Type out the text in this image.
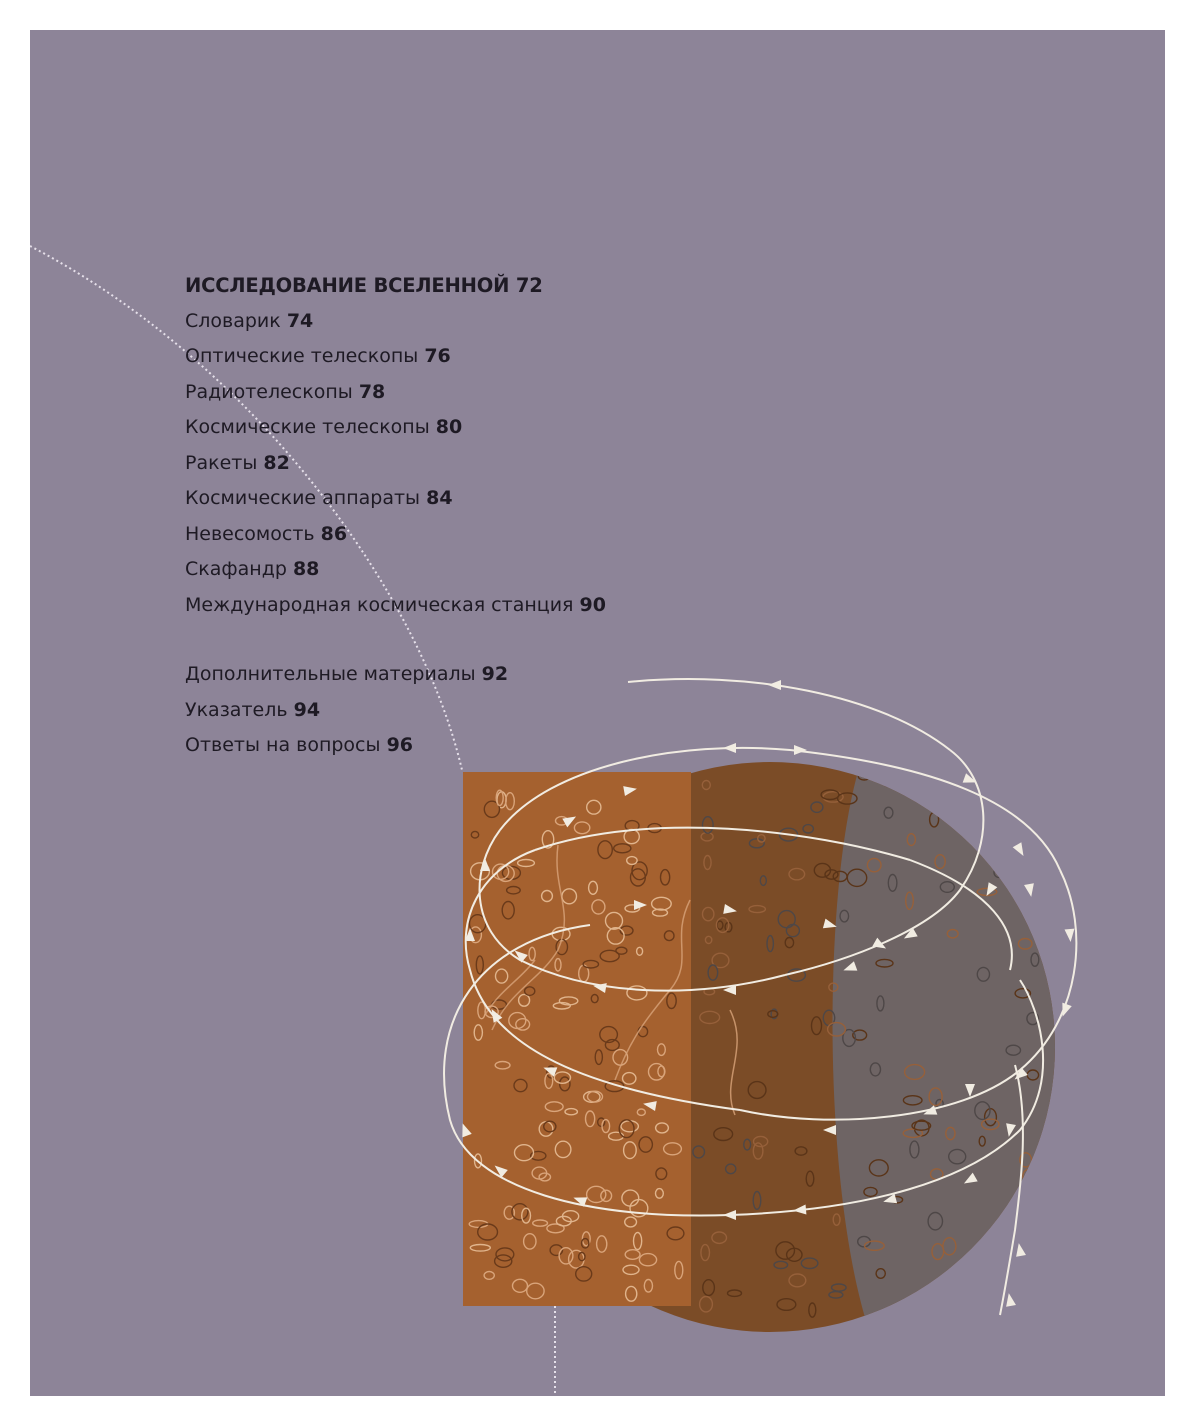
ИССЛЕДОВАНИЕ ВСЕЛЕННОЙ 72
Словарик 74
Оптические телескопы 76
Радиотелескопы 78
Космические телескопы 80
Ракеты 82
Космические аппараты 84
Невесомость 86
Скафандр 88
Международная космическая станция 90
Дополнительные материалы 92
Указатель 94
Ответы на вопросы 96
